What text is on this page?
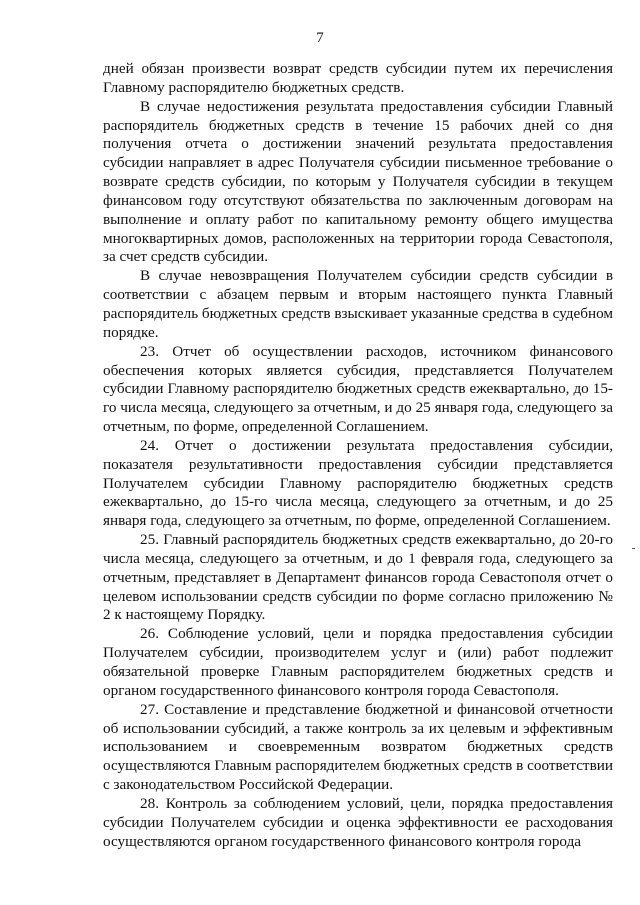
7

дней обязан произвести возврат средств субсидии путем их перечисления Главному распорядителю бюджетных средств.

В случае недостижения результата предоставления субсидии Главный распорядитель бюджетных средств в течение 15 рабочих дней со дня получения отчета о достижении значений результата предоставления субсидии направляет в адрес Получателя субсидии письменное требование о возврате средств субсидии, по которым у Получателя субсидии в текущем финансовом году отсутствуют обязательства по заключенным договорам на выполнение и оплату работ по капитальному ремонту общего имущества многоквартирных домов, расположенных на территории города Севастополя, за счет средств субсидии.

В случае невозвращения Получателем субсидии средств субсидии в соответствии с абзацем первым и вторым настоящего пункта Главный распорядитель бюджетных средств взыскивает указанные средства в судебном порядке.

23. Отчет об осуществлении расходов, источником финансового обеспечения которых является субсидия, представляется Получателем субсидии Главному распорядителю бюджетных средств ежеквартально, до 15-го числа месяца, следующего за отчетным, и до 25 января года, следующего за отчетным, по форме, определенной Соглашением.

24. Отчет о достижении результата предоставления субсидии, показателя результативности предоставления субсидии представляется Получателем субсидии Главному распорядителю бюджетных средств ежеквартально, до 15-го числа месяца, следующего за отчетным, и до 25 января года, следующего за отчетным, по форме, определенной Соглашением.

25. Главный распорядитель бюджетных средств ежеквартально, до 20-го числа месяца, следующего за отчетным, и до 1 февраля года, следующего за отчетным, представляет в Департамент финансов города Севастополя отчет о целевом использовании средств субсидии по форме согласно приложению № 2 к настоящему Порядку.

26. Соблюдение условий, цели и порядка предоставления субсидии Получателем субсидии, производителем услуг и (или) работ подлежит обязательной проверке Главным распорядителем бюджетных средств и органом государственного финансового контроля города Севастополя.

27. Составление и представление бюджетной и финансовой отчетности об использовании субсидий, а также контроль за их целевым и эффективным использованием и своевременным возвратом бюджетных средств осуществляются Главным распорядителем бюджетных средств в соответствии с законодательством Российской Федерации.

28. Контроль за соблюдением условий, цели, порядка предоставления субсидии Получателем субсидии и оценка эффективности ее расходования осуществляются органом государственного финансового контроля города
